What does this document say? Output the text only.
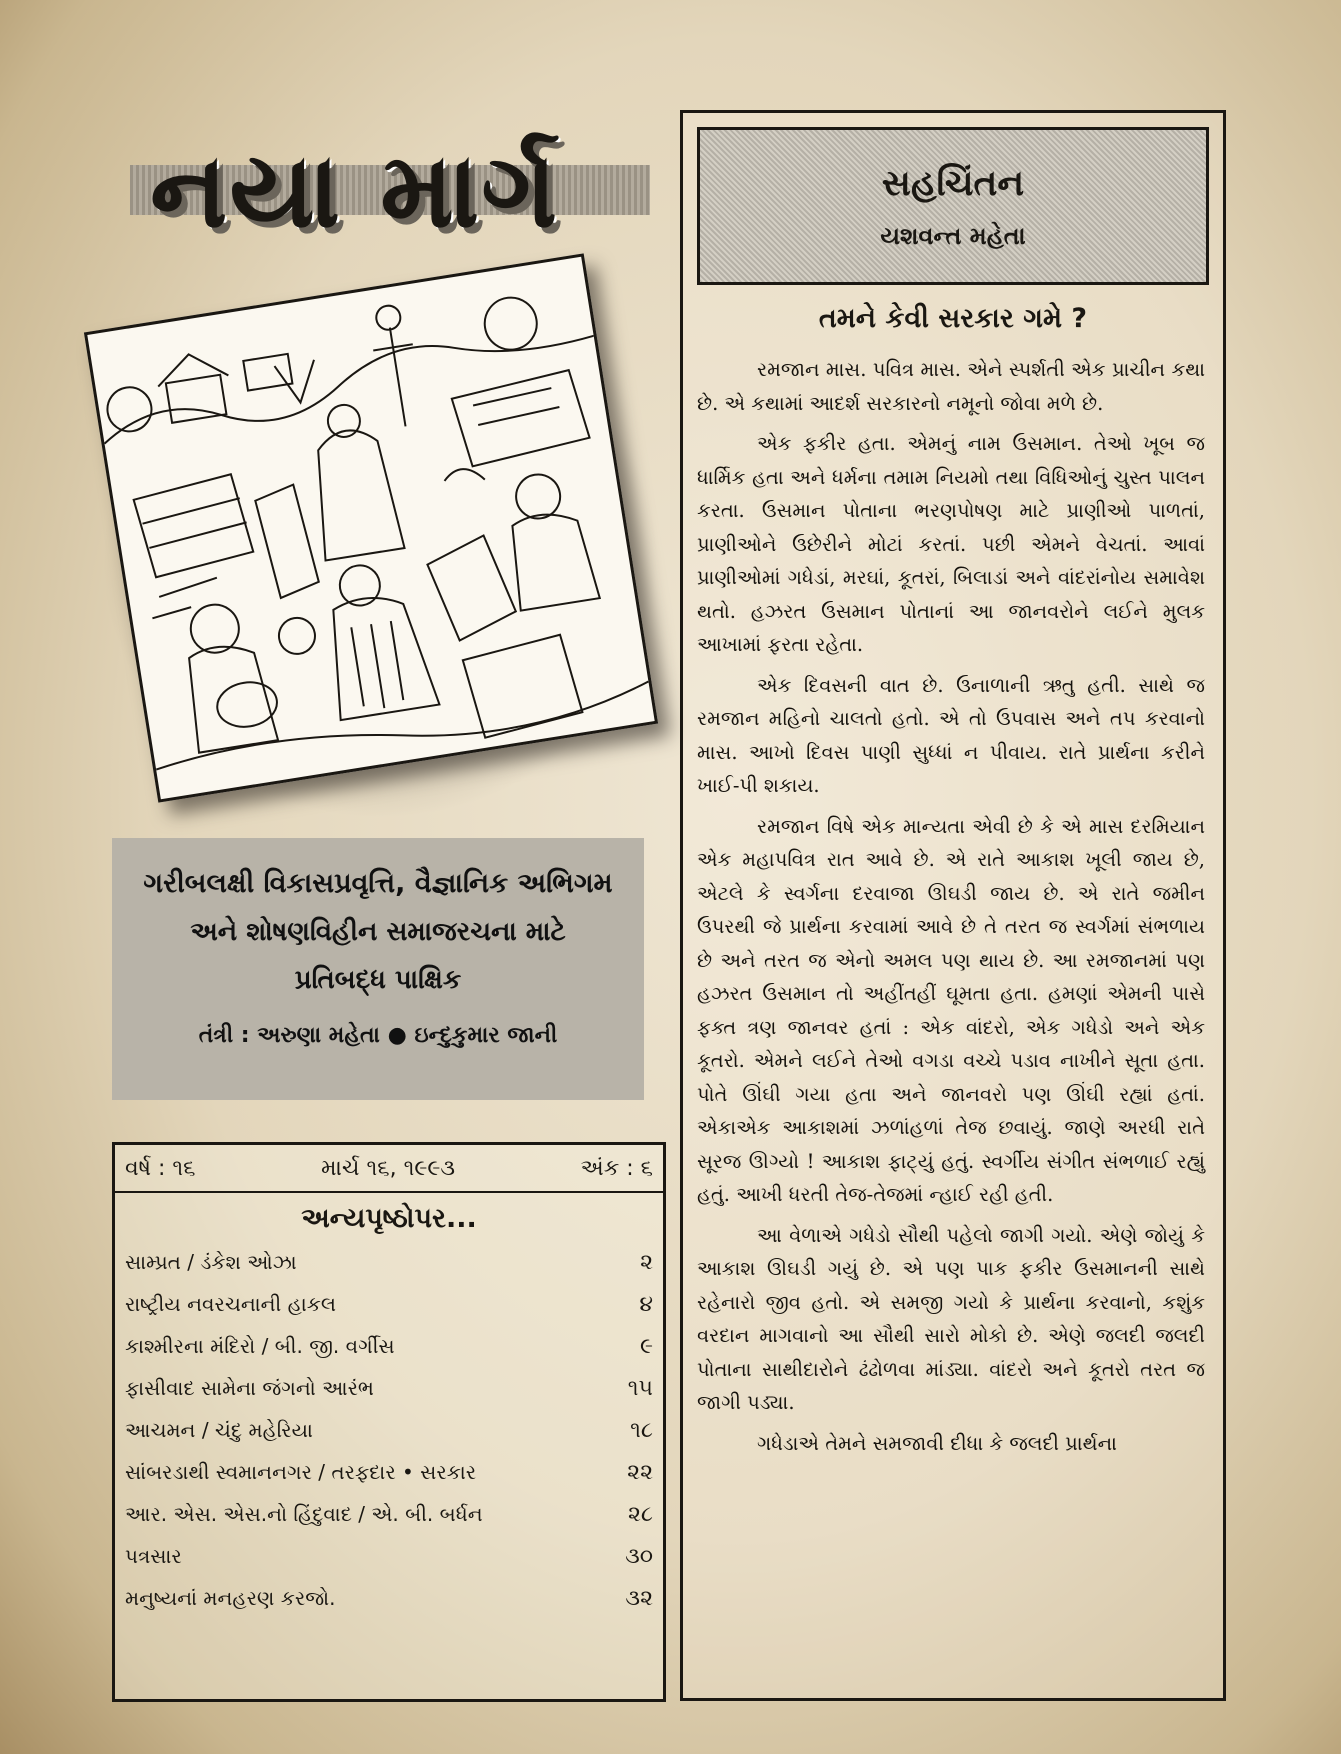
નયા માર્ગ

ગરીબલક્ષી વિકાસપ્રવૃત્તિ, વૈજ્ઞાનિક અભિગમ

અને શોષણવિહીન સમાજરચના માટે

પ્રતિબદ્ધ પાક્ષિક

તંત્રી : અરુણા મહેતા ● ઇન્દુકુમાર જાની

વર્ષ : ૧૬	માર્ચ ૧૬, ૧૯૯૩	અંક : ૬
અન્યપૃષ્ઠોપર...
સામ્પ્રત / ડંકેશ ઓઝા	૨
રાષ્ટ્રીય નવરચનાની હાકલ	૪
કાશ્મીરના મંદિરો / બી. જી. વર્ગીસ	૯
ફાસીવાદ સામેના જંગનો આરંભ	૧૫
આચમન / ચંદુ મહેરિયા	૧૮
સાંબરડાથી સ્વમાનનગર / તરફદાર • સરકાર	૨૨
આર. એસ. એસ.નો હિંદુવાદ / એ. બી. બર્ધન	૨૮
પત્રસાર	૩૦
મનુષ્યનાં મનહરણ કરજો.	૩૨
સહચિંતન
યશવન્ત મહેતા
તમને કેવી સરકાર ગમે ?

રમજાન માસ. પવિત્ર માસ. એને સ્પર્શતી એક પ્રાચીન કથા છે. એ કથામાં આદર્શ સરકારનો નમૂનો જોવા મળે છે.

એક ફકીર હતા. એમનું નામ ઉસમાન. તેઓ ખૂબ જ ધાર્મિક હતા અને ધર્મના તમામ નિયમો તથા વિધિઓનું ચુસ્ત પાલન કરતા. ઉસમાન પોતાના ભરણપોષણ માટે પ્રાણીઓ પાળતાં, પ્રાણીઓને ઉછેરીને મોટાં કરતાં. પછી એમને વેચતાં. આવાં પ્રાણીઓમાં ગધેડાં, મરઘાં, કૂતરાં, બિલાડાં અને વાંદરાંનોય સમાવેશ થતો. હઝરત ઉસમાન પોતાનાં આ જાનવરોને લઈને મુલક આખામાં ફરતા રહેતા.

એક દિવસની વાત છે. ઉનાળાની ઋતુ હતી. સાથે જ રમજાન મહિનો ચાલતો હતો. એ તો ઉપવાસ અને તપ કરવાનો માસ. આખો દિવસ પાણી સુધ્ધાં ન પીવાય. રાતે પ્રાર્થના કરીને ખાઈ-પી શકાય.

રમજાન વિષે એક માન્યતા એવી છે કે એ માસ દરમિયાન એક મહાપવિત્ર રાત આવે છે. એ રાતે આકાશ ખૂલી જાય છે, એટલે કે સ્વર્ગના દરવાજા ઊઘડી જાય છે. એ રાતે જમીન ઉપરથી જે પ્રાર્થના કરવામાં આવે છે તે તરત જ સ્વર્ગમાં સંભળાય છે અને તરત જ એનો અમલ પણ થાય છે. આ રમજાનમાં પણ હઝરત ઉસમાન તો અહીંતહીં ઘૂમતા હતા. હમણાં એમની પાસે ફક્ત ત્રણ જાનવર હતાં : એક વાંદરો, એક ગધેડો અને એક કૂતરો. એમને લઈને તેઓ વગડા વચ્ચે પડાવ નાખીને સૂતા હતા. પોતે ઊંઘી ગયા હતા અને જાનવરો પણ ઊંઘી રહ્યાં હતાં. એકાએક આકાશમાં ઝળાંહળાં તેજ છવાયું. જાણે અરધી રાતે સૂરજ ઊગ્યો ! આકાશ ફાટ્યું હતું. સ્વર્ગીય સંગીત સંભળાઈ રહ્યું હતું. આખી ધરતી તેજ-તેજમાં ન્હાઈ રહી હતી.

આ વેળાએ ગધેડો સૌથી પહેલો જાગી ગયો. એણે જોયું કે આકાશ ઊઘડી ગયું છે. એ પણ પાક ફકીર ઉસમાનની સાથે રહેનારો જીવ હતો. એ સમજી ગયો કે પ્રાર્થના કરવાનો, કશુંક વરદાન માગવાનો આ સૌથી સારો મોકો છે. એણે જલદી જલદી પોતાના સાથીદારોને ઢંઢોળવા માંડ્યા. વાંદરો અને કૂતરો તરત જ જાગી પડ્યા.

ગધેડાએ તેમને સમજાવી દીધા કે જલદી પ્રાર્થના
